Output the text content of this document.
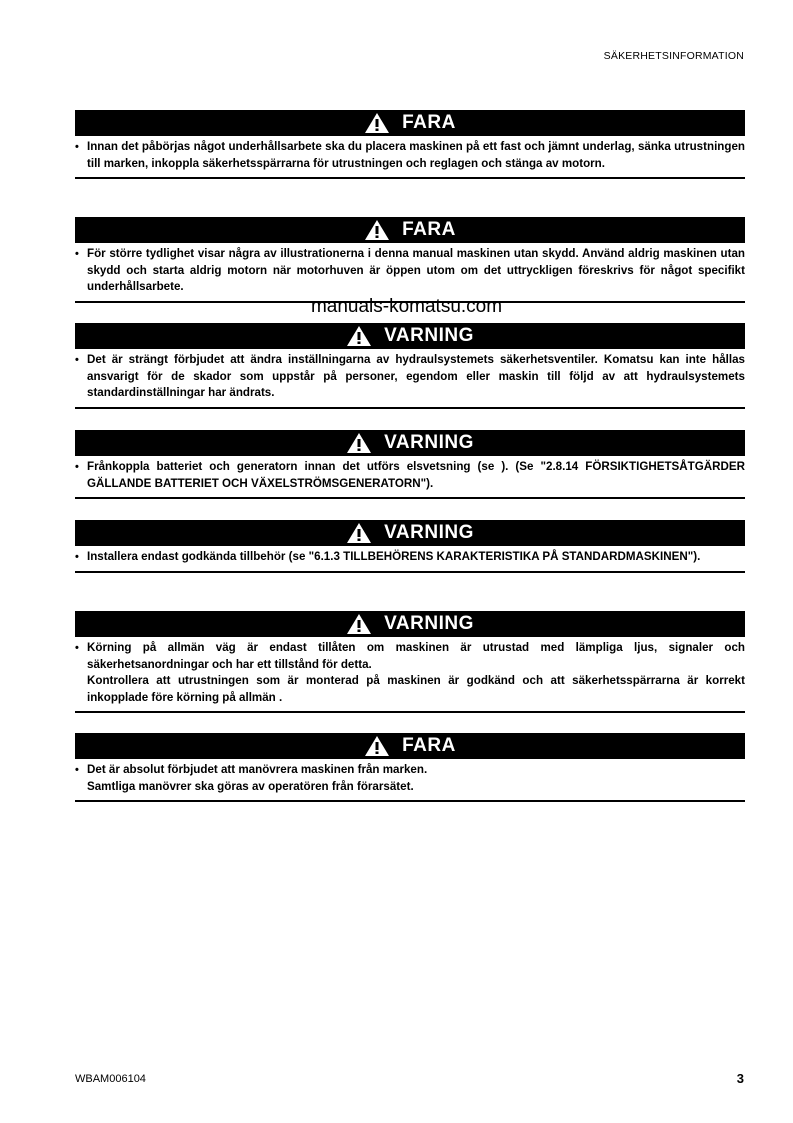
SÄKERHETSINFORMATION
FARA
• Innan det påbörjas något underhållsarbete ska du placera maskinen på ett fast och jämnt underlag, sänka utrustningen till marken, inkoppla säkerhetsspärrarna för utrustningen och reglagen och stänga av motorn.

FARA
• För större tydlighet visar några av illustrationerna i denna manual maskinen utan skydd. Använd aldrig maskinen utan skydd och starta aldrig motorn när motorhuven är öppen utom om det uttryckligen föreskrivs för något specifikt underhållsarbete.

manuals-komatsu.com
VARNING
• Det är strängt förbjudet att ändra inställningarna av hydraulsystemets säkerhetsventiler. Komatsu kan inte hållas ansvarigt för de skador som uppstår på personer, egendom eller maskin till följd av att hydraulsystemets standardinställningar har ändrats.

VARNING
• Frånkoppla batteriet och generatorn innan det utförs elsvetsning (se ). (Se "2.8.14 FÖRSIKTIGHETSÅTGÄRDER GÄLLANDE BATTERIET OCH VÄXELSTRÖMSGENERATORN").

VARNING
• Installera endast godkända tillbehör (se "6.1.3 TILLBEHÖRENS KARAKTERISTIKA PÅ STANDARDMASKINEN").

VARNING
• Körning på allmän väg är endast tillåten om maskinen är utrustad med lämpliga ljus, signaler och säkerhetsanordningar och har ett tillstånd för detta.

Kontrollera att utrustningen som är monterad på maskinen är godkänd och att säkerhetsspärrarna är korrekt inkopplade före körning på allmän .

FARA
• Det är absolut förbjudet att manövrera maskinen från marken.

Samtliga manövrer ska göras av operatören från förarsätet.

WBAM006104	3
